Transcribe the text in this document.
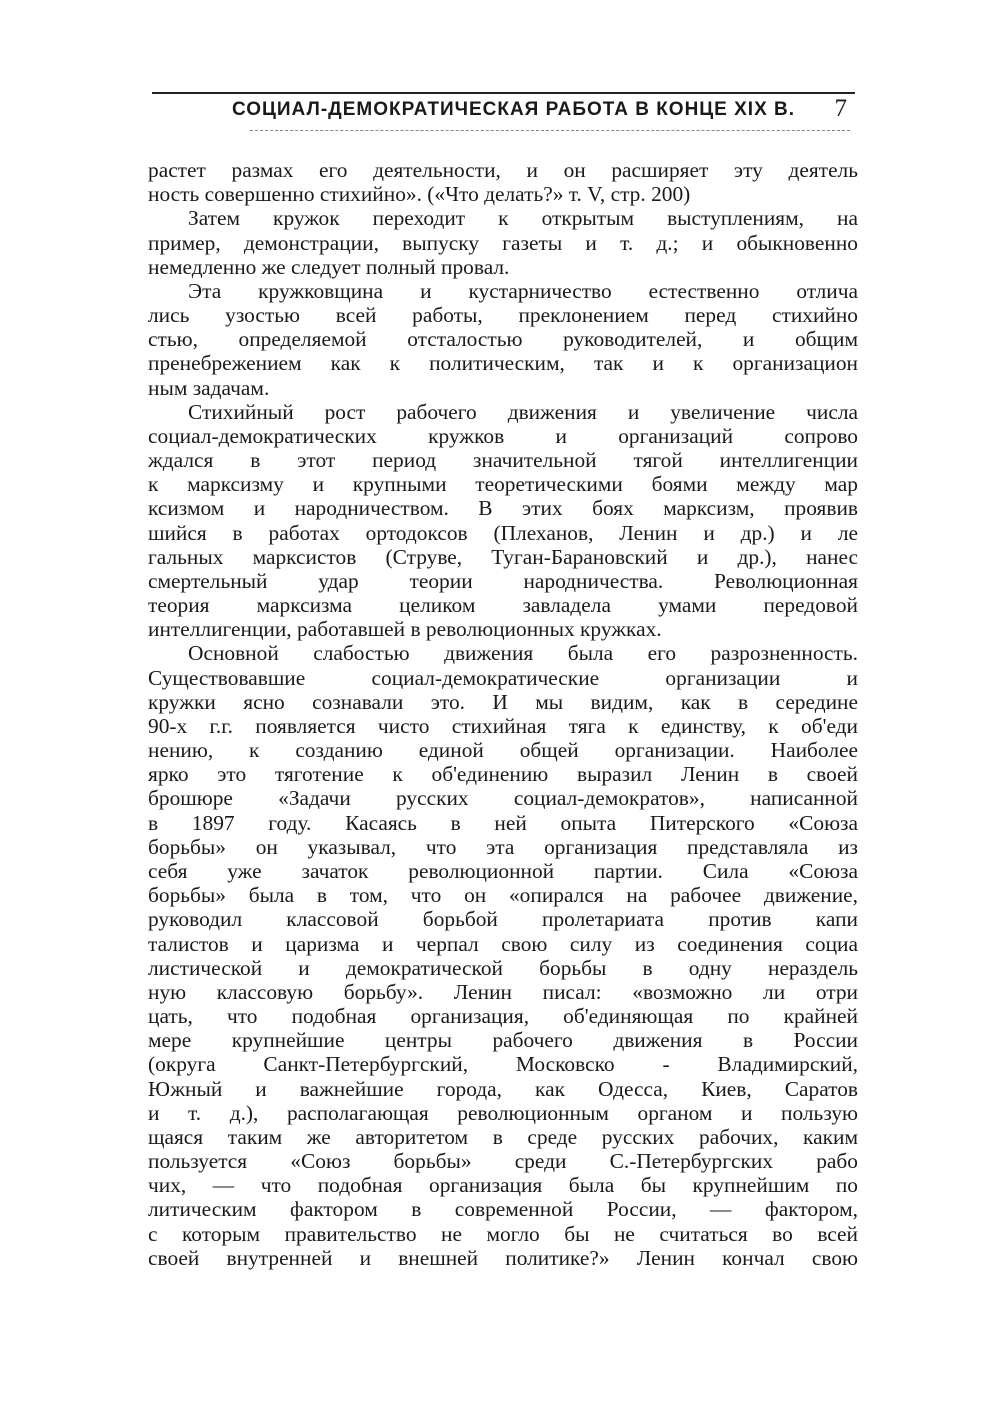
СОЦИАЛ-ДЕМОКРАТИЧЕСКАЯ РАБОТА В КОНЦЕ XIX В. 7
растет размах его деятельности, и он расширяет эту деятель
ность совершенно стихийно». («Что делать?» т. V, стр. 200)
Затем кружок переходит к открытым выступлениям, на
пример, демонстрации, выпуску газеты и т. д.; и обыкновенно
немедленно же следует полный провал.
Эта кружковщина и кустарничество естественно отлича
лись узостью всей работы, преклонением перед стихийно
стью, определяемой отсталостью руководителей, и общим
пренебрежением как к политическим, так и к организацион
ным задачам.
Стихийный рост рабочего движения и увеличение числа
социал-демократических кружков и организаций сопрово
ждался в этот период значительной тягой интеллигенции
к марксизму и крупными теоретическими боями между мар
ксизмом и народничеством. В этих боях марксизм, проявив
шийся в работах ортодоксов (Плеханов, Ленин и др.) и ле
гальных марксистов (Струве, Туган-Барановский и др.), нанес
смертельный удар теории народничества. Революционная
теория марксизма целиком завладела умами передовой
интеллигенции, работавшей в революционных кружках.
Основной слабостью движения была его разрозненность.
Существовавшие социал-демократические организации и
кружки ясно сознавали это. И мы видим, как в середине
90-х г.г. появляется чисто стихийная тяга к единству, к об'еди
нению, к созданию единой общей организации. Наиболее
ярко это тяготение к об'единению выразил Ленин в своей
брошюре «Задачи русских социал-демократов», написанной
в 1897 году. Касаясь в ней опыта Питерского «Союза
борьбы» он указывал, что эта организация представляла из
себя уже зачаток революционной партии. Сила «Союза
борьбы» была в том, что он «опирался на рабочее движение,
руководил классовой борьбой пролетариата против капи
талистов и царизма и черпал свою силу из соединения социа
листической и демократической борьбы в одну нераздель
ную классовую борьбу». Ленин писал: «возможно ли отри
цать, что подобная организация, об'единяющая по крайней
мере крупнейшие центры рабочего движения в России
(округа Санкт-Петербургский, Московско - Владимирский,
Южный и важнейшие города, как Одесса, Киев, Саратов
и т. д.), располагающая революционным органом и пользую
щаяся таким же авторитетом в среде русских рабочих, каким
пользуется «Союз борьбы» среди С.-Петербургских рабо
чих, — что подобная организация была бы крупнейшим по
литическим фактором в современной России, — фактором,
с которым правительство не могло бы не считаться во всей
своей внутренней и внешней политике?» Ленин кончал свою
